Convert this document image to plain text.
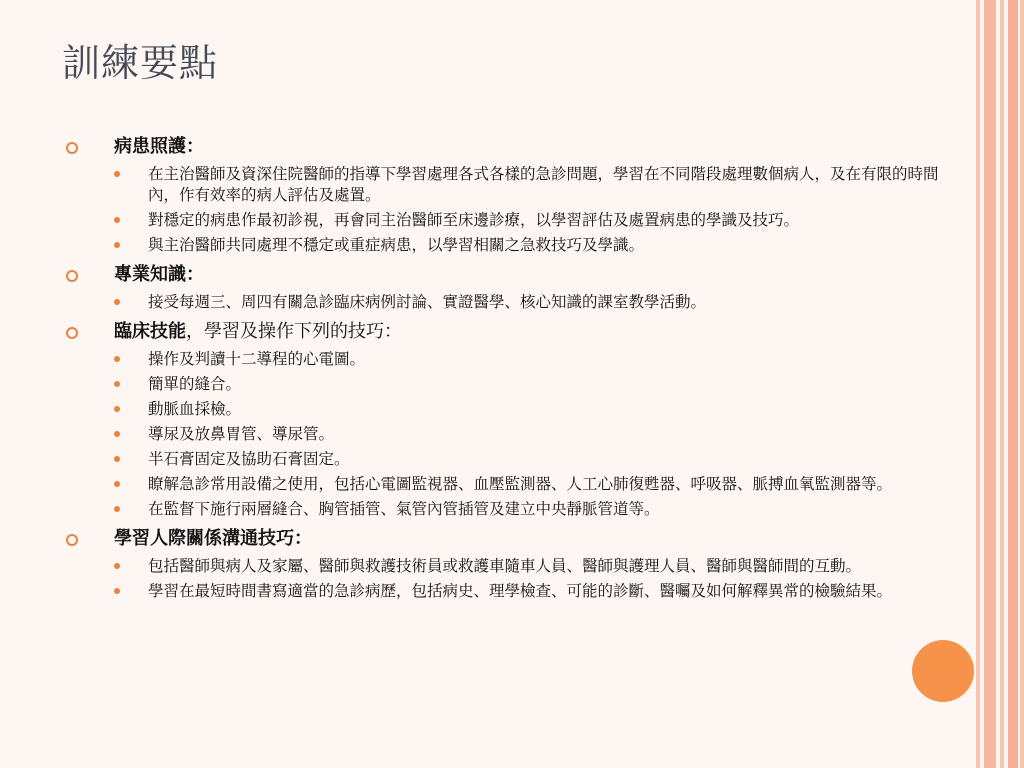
訓練要點
病患照護：
在主治醫師及資深住院醫師的指導下學習處理各式各樣的急診問題，學習在不同階段處理數個病人，及在有限的時間內，作有效率的病人評估及處置。
對穩定的病患作最初診視，再會同主治醫師至床邊診療，以學習評估及處置病患的學識及技巧。
與主治醫師共同處理不穩定或重症病患，以學習相關之急救技巧及學識。
專業知識：
接受每週三、周四有關急診臨床病例討論、實證醫學、核心知識的課室教學活動。
臨床技能，學習及操作下列的技巧：
操作及判讀十二導程的心電圖。
簡單的縫合。
動脈血採檢。
導尿及放鼻胃管、導尿管。
半石膏固定及協助石膏固定。
瞭解急診常用設備之使用，包括心電圖監視器、血壓監測器、人工心肺復甦器、呼吸器、脈搏血氧監測器等。
在監督下施行兩層縫合、胸管插管、氣管內管插管及建立中央靜脈管道等。
學習人際關係溝通技巧：
包括醫師與病人及家屬、醫師與救護技術員或救護車隨車人員、醫師與護理人員、醫師與醫師間的互動。
學習在最短時間書寫適當的急診病歷，包括病史、理學檢查、可能的診斷、醫囑及如何解釋異常的檢驗結果。
